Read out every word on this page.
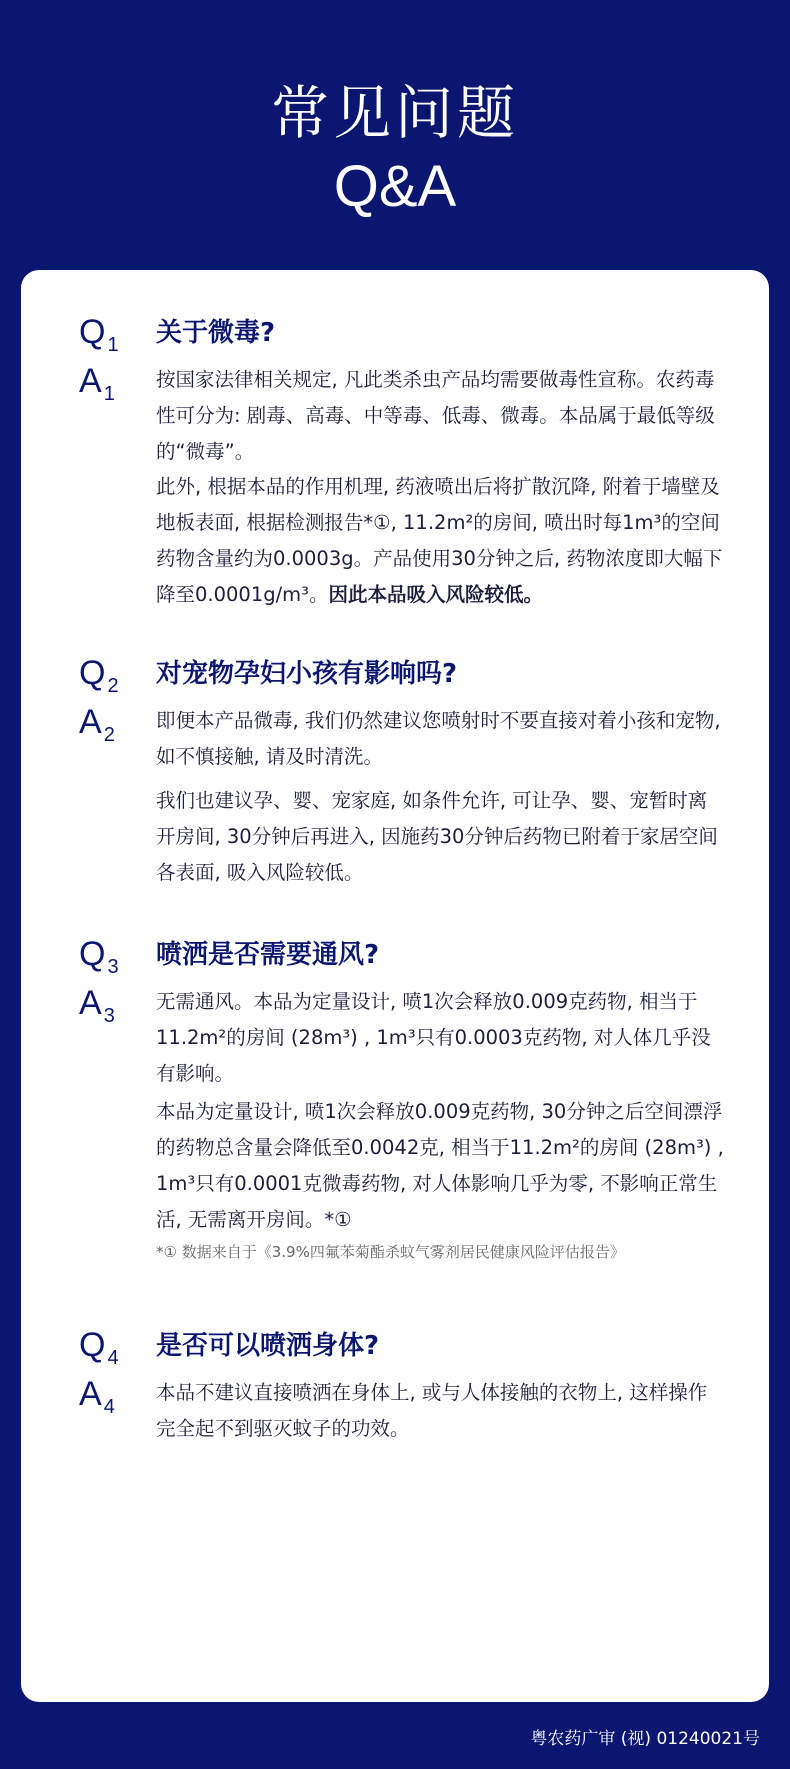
常见问题
Q&A
Q $_1$ 关于微毒?
A $_1$
按国家法律相关规定, 凡此类杀虫产品均需要做毒性宣称。农药毒性可分为: 剧毒、高毒、中等毒、低毒、微毒。本品属于最低等级的“微毒”。
此外, 根据本品的作用机理, 药液喷出后将扩散沉降, 附着于墙壁及地板表面, 根据检测报告*①, 11.2m²的房间, 喷出时每1m³的空间药物含量约为0.0003g。产品使用30分钟之后, 药物浓度即大幅下降至0.0001g/m³。因此本品吸入风险较低。
Q $_2$ 对宠物孕妇小孩有影响吗?
A $_2$
即便本产品微毒, 我们仍然建议您喷射时不要直接对着小孩和宠物, 如不慎接触, 请及时清洗。
我们也建议孕、婴、宠家庭, 如条件允许, 可让孕、婴、宠暂时离开房间, 30分钟后再进入, 因施药30分钟后药物已附着于家居空间各表面, 吸入风险较低。
Q $_3$ 喷洒是否需要通风?
A $_3$
无需通风。本品为定量设计, 喷1次会释放0.009克药物, 相当于11.2m²的房间 (28m³) , 1m³只有0.0003克药物, 对人体几乎没有影响。
本品为定量设计, 喷1次会释放0.009克药物, 30分钟之后空间漂浮的药物总含量会降低至0.0042克, 相当于11.2m²的房间 (28m³) , 1m³只有0.0001克微毒药物, 对人体影响几乎为零, 不影响正常生活, 无需离开房间。*①
*① 数据来自于《3.9%四氟苯菊酯杀蚊气雾剂居民健康风险评估报告》
Q $_4$ 是否可以喷洒身体?
A $_4$
本品不建议直接喷洒在身体上, 或与人体接触的衣物上, 这样操作完全起不到驱灭蚊子的功效。
粤农药广审 (视) 01240021号
